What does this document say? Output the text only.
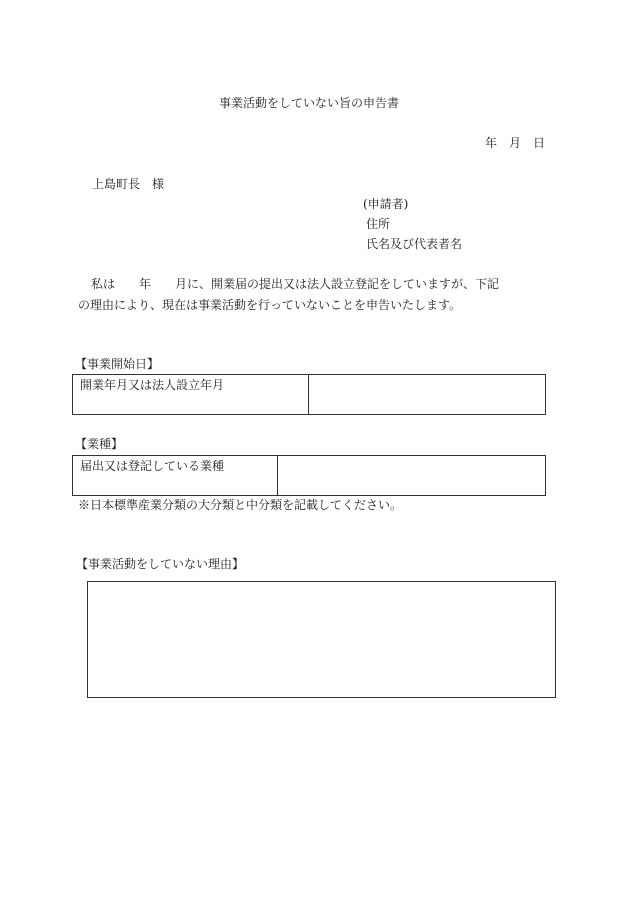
事業活動をしていない旨の申告書
年　月　日
上島町長　様
(申請者)
住所
氏名及び代表者名
私は　　年　　月に、開業届の提出又は法人設立登記をしていますが、下記
の理由により、現在は事業活動を行っていないことを申告いたします。
【事業開始日】
開業年月又は法人設立年月
【業種】
届出又は登記している業種
※日本標準産業分類の大分類と中分類を記載してください。
【事業活動をしていない理由】
